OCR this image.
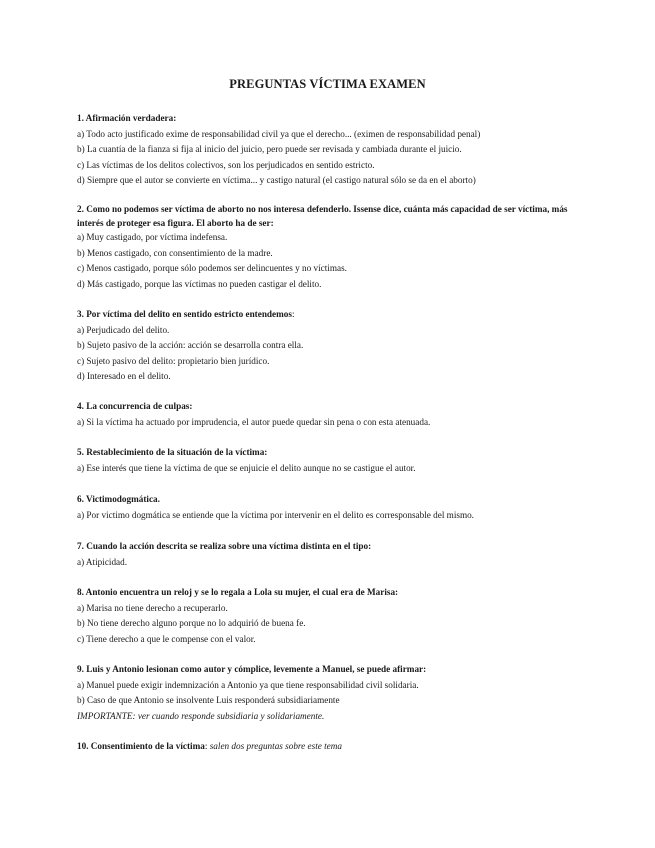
PREGUNTAS VÍCTIMA EXAMEN
1. Afirmación verdadera:
a) Todo acto justificado exime de responsabilidad civil ya que el derecho... (eximen de responsabilidad penal)
b) La cuantía de la fianza si fija al inicio del juicio, pero puede ser revisada y cambiada durante el juicio.
c) Las víctimas de los delitos colectivos, son los perjudicados en sentido estricto.
d) Siempre que el autor se convierte en víctima... y castigo natural (el castigo natural sólo se da en el aborto)
2. Como no podemos ser víctima de aborto no nos interesa defenderlo. Issense dice, cuánta más capacidad de ser víctima, más interés de proteger esa figura. El aborto ha de ser:
a) Muy castigado, por víctima indefensa.
b) Menos castigado, con consentimiento de la madre.
c) Menos castigado, porque sólo podemos ser delincuentes y no víctimas.
d) Más castigado, porque las víctimas no pueden castigar el delito.
3. Por víctima del delito en sentido estricto entendemos:
a) Perjudicado del delito.
b) Sujeto pasivo de la acción: acción se desarrolla contra ella.
c) Sujeto pasivo del delito: propietario bien jurídico.
d) Interesado en el delito.
4. La concurrencia de culpas:
a) Si la víctima ha actuado por imprudencia, el autor puede quedar sin pena o con esta atenuada.
5. Restablecimiento de la situación de la víctima:
a) Ese interés que tiene la víctima de que se enjuicie el delito aunque no se castigue el autor.
6. Victimodogmática.
a) Por victimo dogmática se entiende que la víctima por intervenir en el delito es corresponsable del mismo.
7. Cuando la acción descrita se realiza sobre una víctima distinta en el tipo:
a) Atipicidad.
8. Antonio encuentra un reloj y se lo regala a Lola su mujer, el cual era de Marisa:
a) Marisa no tiene derecho a recuperarlo.
b) No tiene derecho alguno porque no lo adquirió de buena fe.
c) Tiene derecho a que le compense con el valor.
9. Luis y Antonio lesionan como autor y cómplice, levemente a Manuel, se puede afirmar:
a) Manuel puede exigir indemnización a Antonio ya que tiene responsabilidad civil solidaria.
b) Caso de que Antonio se insolvente Luis responderá subsidiariamente
IMPORTANTE: ver cuando responde subsidiaria y solidariamente.
10. Consentimiento de la víctima: salen dos preguntas sobre este tema
